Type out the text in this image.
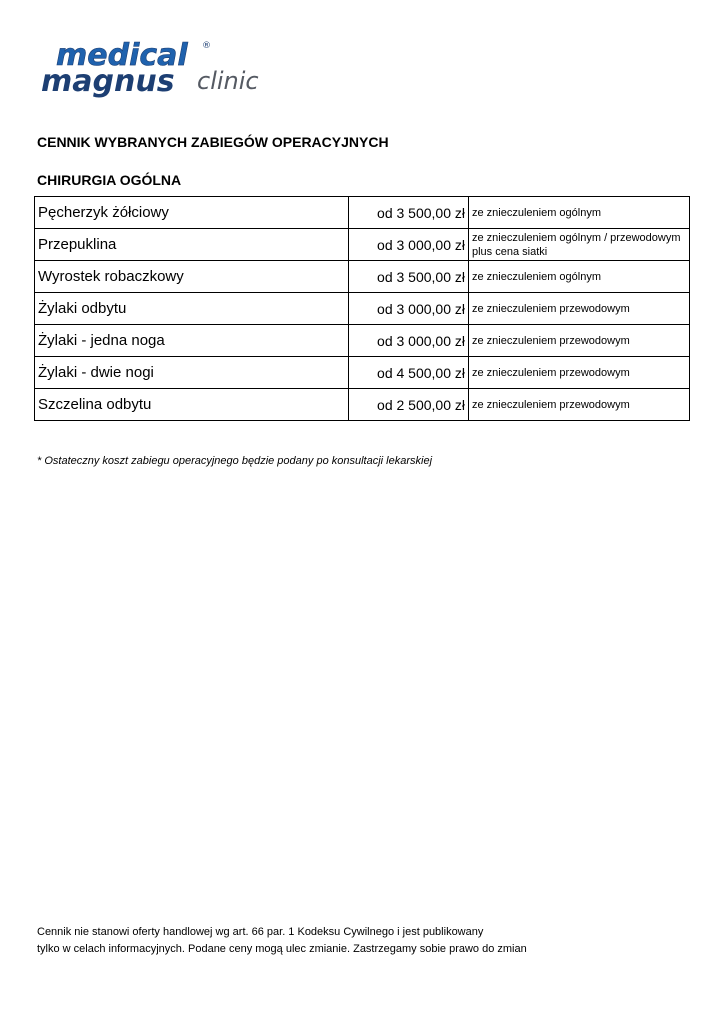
medical ®
magnus clinic
CENNIK WYBRANYCH ZABIEGÓW OPERACYJNYCH
CHIRURGIA OGÓLNA
Pęcherzyk żółciowy	od 3 500,00 zł	ze znieczuleniem ogólnym
Przepuklina	od 3 000,00 zł	ze znieczuleniem ogólnym / przewodowym plus cena siatki
Wyrostek robaczkowy	od 3 500,00 zł	ze znieczuleniem ogólnym
Żylaki odbytu	od 3 000,00 zł	ze znieczuleniem przewodowym
Żylaki - jedna noga	od 3 000,00 zł	ze znieczuleniem przewodowym
Żylaki - dwie nogi	od 4 500,00 zł	ze znieczuleniem przewodowym
Szczelina odbytu	od 2 500,00 zł	ze znieczuleniem przewodowym
* Ostateczny koszt zabiegu operacyjnego będzie podany po konsultacji lekarskiej
Cennik nie stanowi oferty handlowej wg art. 66 par. 1 Kodeksu Cywilnego i jest publikowany
tylko w celach informacyjnych. Podane ceny mogą ulec zmianie. Zastrzegamy sobie prawo do zmian
